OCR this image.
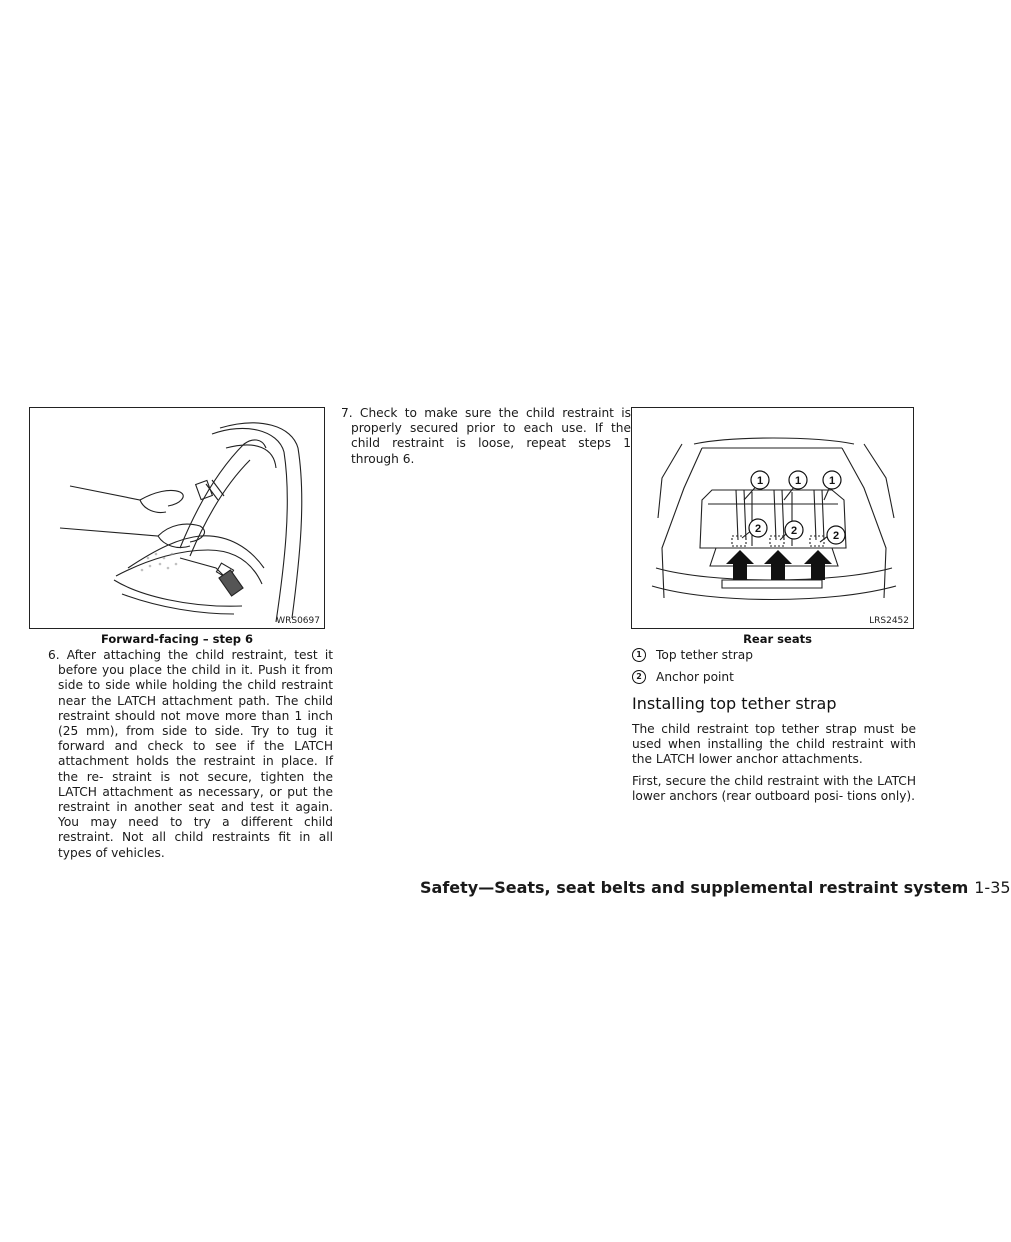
WRS0697
Forward-facing – step 6
6. After attaching the child restraint, test it before you place the child in it. Push it from side to side while holding the child restraint near the LATCH attachment path. The child restraint should not move more than 1 inch (25 mm), from side to side. Try to tug it forward and check to see if the LATCH attachment holds the restraint in place. If the re- straint is not secure, tighten the LATCH attachment as necessary, or put the restraint in another seat and test it again. You may need to try a different child restraint. Not all child restraints fit in all types of vehicles.
7. Check to make sure the child restraint is properly secured prior to each use. If the child restraint is loose, repeat steps 1 through 6.
1	1	1
2	2	2
LRS2452
Rear seats
1	Top tether strap
2	Anchor point
Installing top tether strap
The child restraint top tether strap must be used when installing the child restraint with the LATCH lower anchor attachments.
First, secure the child restraint with the LATCH lower anchors (rear outboard posi- tions only).
Safety—Seats, seat belts and supplemental restraint system 1-35
